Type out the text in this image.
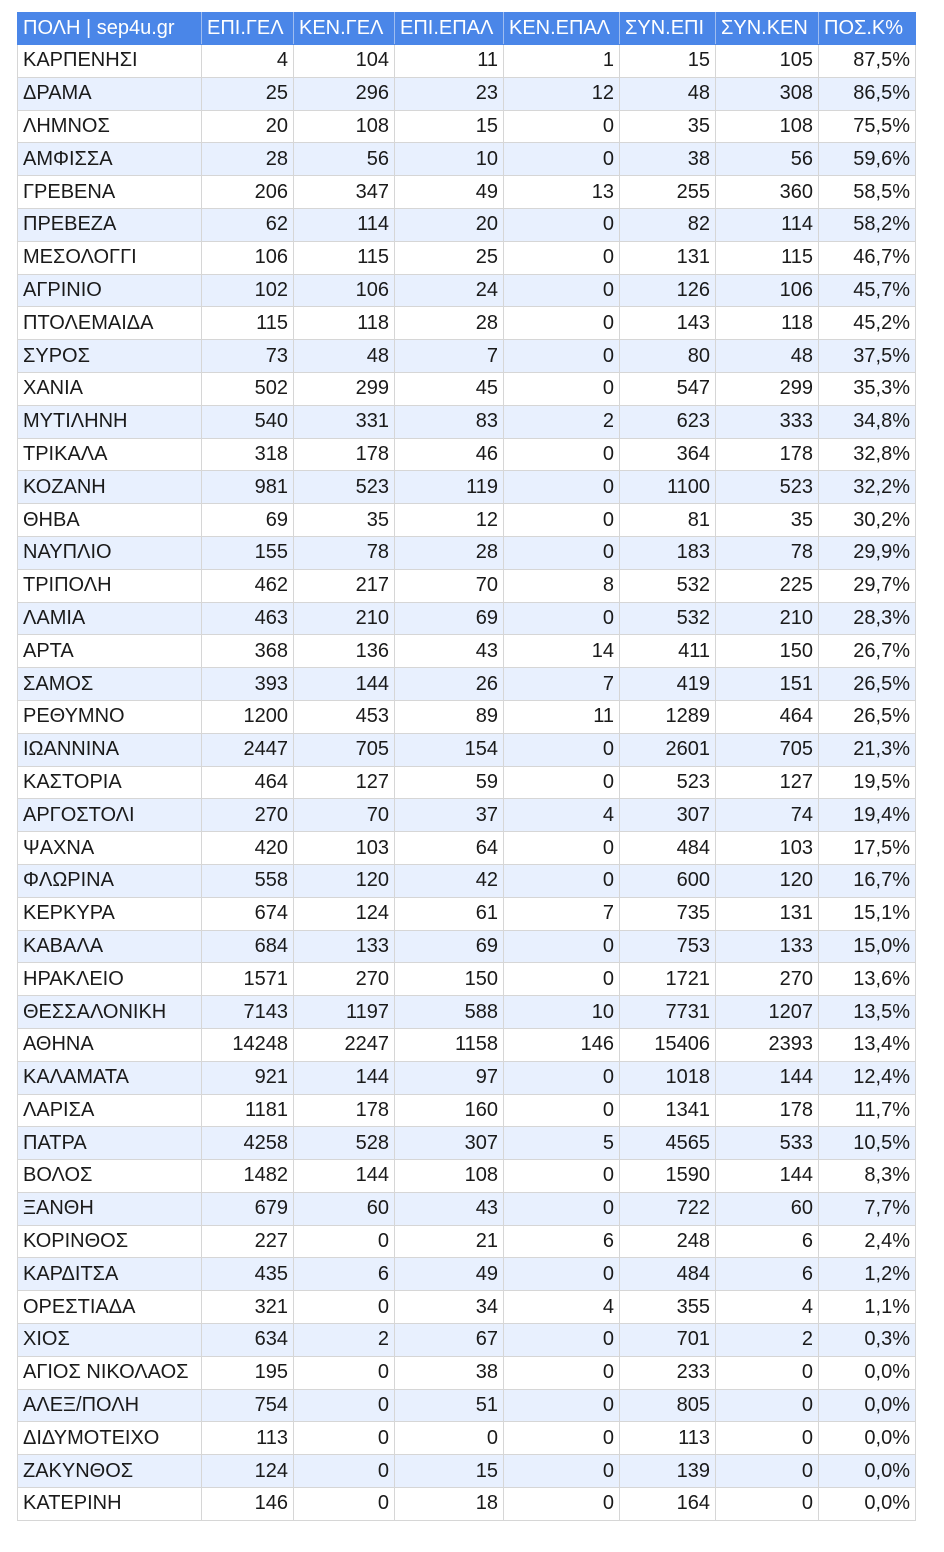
ΠΟΛΗ | sep4u.gr	ΕΠΙ.ΓΕΛ	ΚΕΝ.ΓΕΛ	ΕΠΙ.ΕΠΑΛ	ΚΕΝ.ΕΠΑΛ	ΣΥΝ.ΕΠΙ	ΣΥΝ.ΚΕΝ	ΠΟΣ.Κ%
ΚΑΡΠΕΝΗΣΙ	4	104	11	1	15	105	87,5%
ΔΡΑΜΑ	25	296	23	12	48	308	86,5%
ΛΗΜΝΟΣ	20	108	15	0	35	108	75,5%
ΑΜΦΙΣΣΑ	28	56	10	0	38	56	59,6%
ΓΡΕΒΕΝΑ	206	347	49	13	255	360	58,5%
ΠΡΕΒΕΖΑ	62	114	20	0	82	114	58,2%
ΜΕΣΟΛΟΓΓΙ	106	115	25	0	131	115	46,7%
ΑΓΡΙΝΙΟ	102	106	24	0	126	106	45,7%
ΠΤΟΛΕΜΑΙΔΑ	115	118	28	0	143	118	45,2%
ΣΥΡΟΣ	73	48	7	0	80	48	37,5%
ΧΑΝΙΑ	502	299	45	0	547	299	35,3%
ΜΥΤΙΛΗΝΗ	540	331	83	2	623	333	34,8%
ΤΡΙΚΑΛΑ	318	178	46	0	364	178	32,8%
ΚΟΖΑΝΗ	981	523	119	0	1100	523	32,2%
ΘΗΒΑ	69	35	12	0	81	35	30,2%
ΝΑΥΠΛΙΟ	155	78	28	0	183	78	29,9%
ΤΡΙΠΟΛΗ	462	217	70	8	532	225	29,7%
ΛΑΜΙΑ	463	210	69	0	532	210	28,3%
ΑΡΤΑ	368	136	43	14	411	150	26,7%
ΣΑΜΟΣ	393	144	26	7	419	151	26,5%
ΡΕΘΥΜΝΟ	1200	453	89	11	1289	464	26,5%
ΙΩΑΝΝΙΝΑ	2447	705	154	0	2601	705	21,3%
ΚΑΣΤΟΡΙΑ	464	127	59	0	523	127	19,5%
ΑΡΓΟΣΤΟΛΙ	270	70	37	4	307	74	19,4%
ΨΑΧΝΑ	420	103	64	0	484	103	17,5%
ΦΛΩΡΙΝΑ	558	120	42	0	600	120	16,7%
ΚΕΡΚΥΡΑ	674	124	61	7	735	131	15,1%
ΚΑΒΑΛΑ	684	133	69	0	753	133	15,0%
ΗΡΑΚΛΕΙΟ	1571	270	150	0	1721	270	13,6%
ΘΕΣΣΑΛΟΝΙΚΗ	7143	1197	588	10	7731	1207	13,5%
ΑΘΗΝΑ	14248	2247	1158	146	15406	2393	13,4%
ΚΑΛΑΜΑΤΑ	921	144	97	0	1018	144	12,4%
ΛΑΡΙΣΑ	1181	178	160	0	1341	178	11,7%
ΠΑΤΡΑ	4258	528	307	5	4565	533	10,5%
ΒΟΛΟΣ	1482	144	108	0	1590	144	8,3%
ΞΑΝΘΗ	679	60	43	0	722	60	7,7%
ΚΟΡΙΝΘΟΣ	227	0	21	6	248	6	2,4%
ΚΑΡΔΙΤΣΑ	435	6	49	0	484	6	1,2%
ΟΡΕΣΤΙΑΔΑ	321	0	34	4	355	4	1,1%
ΧΙΟΣ	634	2	67	0	701	2	0,3%
ΑΓΙΟΣ ΝΙΚΟΛΑΟΣ	195	0	38	0	233	0	0,0%
ΑΛΕΞ/ΠΟΛΗ	754	0	51	0	805	0	0,0%
ΔΙΔΥΜΟΤΕΙΧΟ	113	0	0	0	113	0	0,0%
ΖΑΚΥΝΘΟΣ	124	0	15	0	139	0	0,0%
ΚΑΤΕΡΙΝΗ	146	0	18	0	164	0	0,0%
